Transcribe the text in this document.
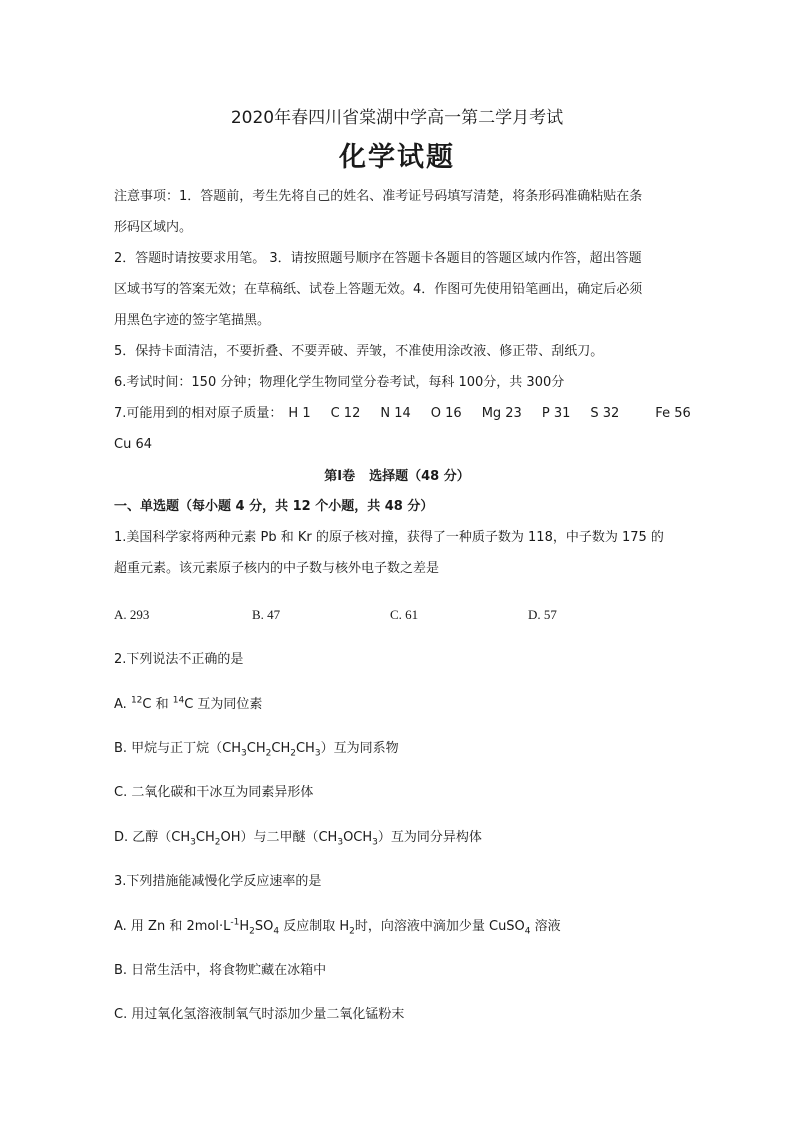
2020年春四川省棠湖中学高一第二学月考试
化学试题
注意事项：1．答题前，考生先将自己的姓名、准考证号码填写清楚，将条形码准确粘贴在条
形码区域内。
2．答题时请按要求用笔。 3．请按照题号顺序在答题卡各题目的答题区域内作答，超出答题
区域书写的答案无效；在草稿纸、试卷上答题无效。4．作图可先使用铅笔画出，确定后必须
用黑色字迹的签字笔描黑。
5．保持卡面清洁，不要折叠、不要弄破、弄皱，不准使用涂改液、修正带、刮纸刀。
6.考试时间：150 分钟；物理化学生物同堂分卷考试，每科 100分，共 300分
7.可能用到的相对原子质量： H 1 C 12 N 14 O 16 Mg 23 P 31 S 32	Fe 56
Cu 64
第Ⅰ卷 选择题（48 分）
一、单选题（每小题 4 分，共 12 个小题，共 48 分）
1.美国科学家将两种元素 Pb 和 Kr 的原子核对撞，获得了一种质子数为 118，中子数为 175 的
超重元素。该元素原子核内的中子数与核外电子数之差是
A. 293	B. 47	C. 61	D. 57
2.下列说法不正确的是
A. $^{12}$C 和 $^{14}$C 互为同位素
B. 甲烷与正丁烷$(CH_3CH_2CH_2CH_3)$互为同系物
C. 二氧化碳和干冰互为同素异形体
D. 乙醇$(CH_3CH_2OH)$与二甲醚$(CH_3OCH_3)$互为同分异构体
3.下列措施能减慢化学反应速率的是
A. 用 Zn 和 $2mol\cdot L^{-1}H_2SO_4$ 反应制取 $H_2$时，向溶液中滴加少量 CuSO$_4$ 溶液
B. 日常生活中，将食物贮藏在冰箱中
C. 用过氧化氢溶液制氧气时添加少量二氧化锰粉末
